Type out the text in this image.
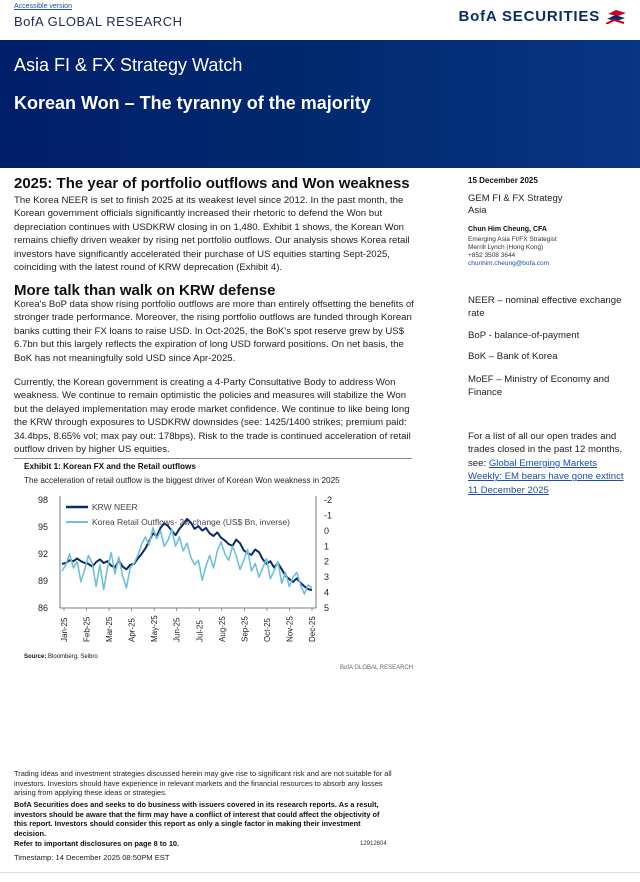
Accessible version
BofA GLOBAL RESEARCH	BofA SECURITIES
Asia FI & FX Strategy Watch
Korean Won – The tyranny of the majority
2025: The year of portfolio outflows and Won weakness
The Korea NEER is set to finish 2025 at its weakest level since 2012. In the past month, the Korean government officials significantly increased their rhetoric to defend the Won but depreciation continues with USDKRW closing in on 1,480. Exhibit 1 shows, the Korean Won remains chiefly driven weaker by rising net portfolio outflows. Our analysis shows Korea retail investors have significantly accelerated their purchase of US equities starting Sept-2025, coinciding with the latest round of KRW deprecation (Exhibit 4).
More talk than walk on KRW defense
Korea's BoP data show rising portfolio outflows are more than entirely offsetting the benefits of stronger trade performance. Moreover, the rising portfolio outflows are funded through Korean banks cutting their FX loans to raise USD. In Oct-2025, the BoK's spot reserve grew by US$ 6.7bn but this largely reflects the expiration of long USD forward positions. On net basis, the BoK has not meaningfully sold USD since Apr-2025.
Currently, the Korean government is creating a 4-Party Consultative Body to address Won weakness. We continue to remain optimistic the policies and measures will stabilize the Won but the delayed implementation may erode market confidence. We continue to like being long the KRW through exposures to USDKRW downsides (see: 1425/1400 strikes; premium paid: 34.4bps, 8.65% vol; max pay out: 178bps). Risk to the trade is continued acceleration of retail outflow driven by higher US equities.
15 December 2025
GEM FI & FX Strategy
Asia
Chun Him Cheung, CFA
Emerging Asia FI/FX Strategist
Merrill Lynch (Hong Kong)
+852 3508 3644
chunhim.cheung@bofa.com
NEER – nominal effective exchange rate
BoP - balance-of-payment
BoK – Bank of Korea
MoEF – Ministry of Economy and Finance
For a list of all our open trades and trades closed in the past 12 months, see: Global Emerging Markets Weekly: EM bears have gone extinct 11 December 2025
Exhibit 1: Korean FX and the Retail outflows
The acceleration of retail outflow is the biggest driver of Korean Won weakness in 2025
98
95
92
89
86
-2
-1
0
1
2
3
4
5
Jan-25 Feb-25 Mar-25 Apr-25 May-25 Jun-25 Jul-25 Aug-25 Sep-25 Oct-25 Nov-25 Dec-25
KRW NEER
Korea Retail Outflows- 2w change (US$ Bn, inverse)
Source: Bloomberg, Seibro
BofA GLOBAL RESEARCH
Trading ideas and investment strategies discussed herein may give rise to significant risk and are not suitable for all investors. Investors should have experience in relevant markets and the financial resources to absorb any losses arising from applying these ideas or strategies.
BofA Securities does and seeks to do business with issuers covered in its research reports. As a result, investors should be aware that the firm may have a conflict of interest that could affect the objectivity of this report. Investors should consider this report as only a single factor in making their investment decision.
Refer to important disclosures on page 8 to 10.	12912604
Timestamp: 14 December 2025 08:50PM EST
